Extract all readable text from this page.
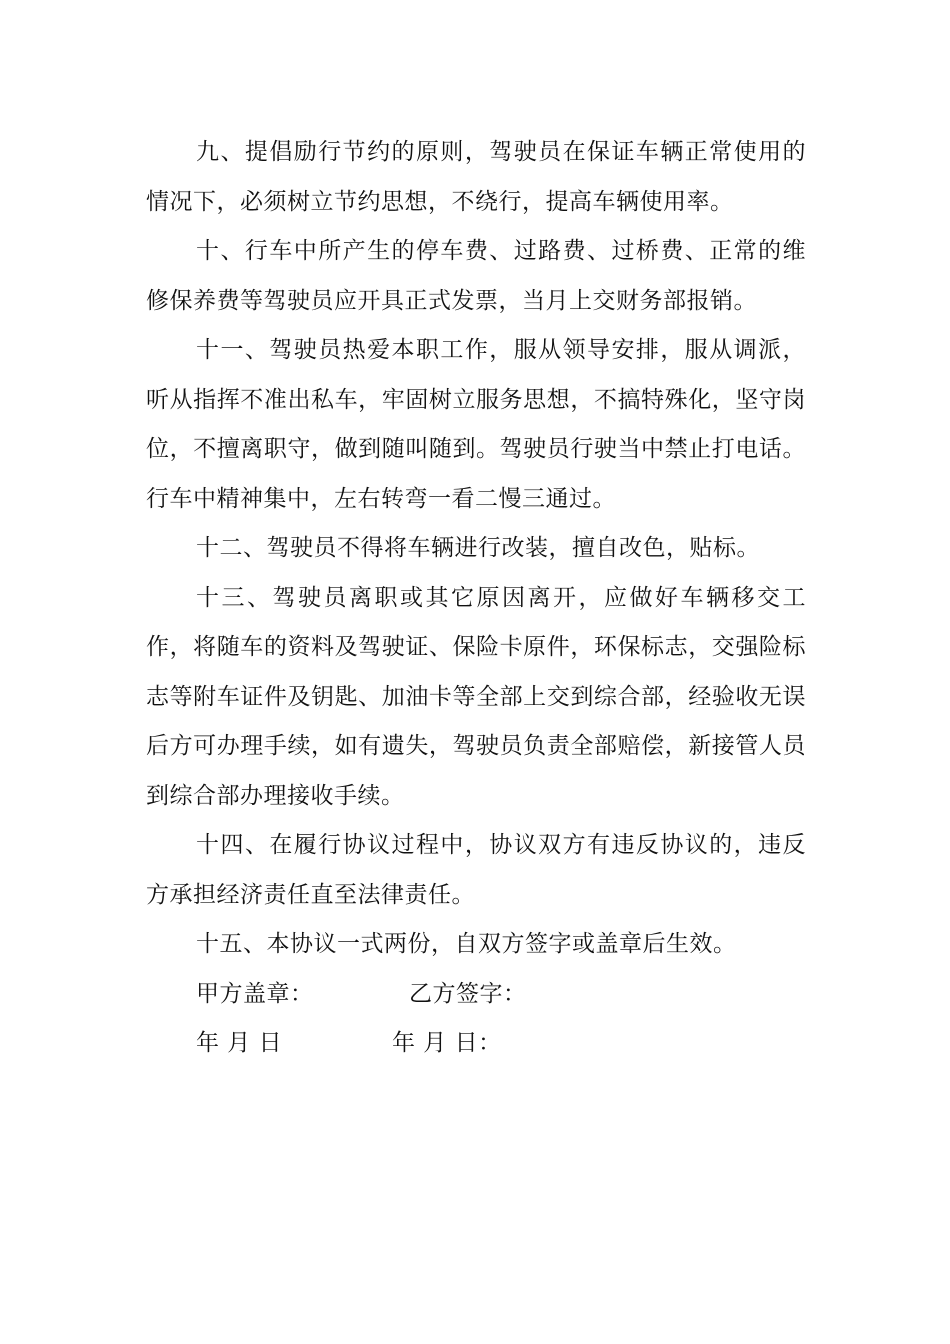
九、提倡励行节约的原则，驾驶员在保证车辆正常使用的情况下，必须树立节约思想，不绕行，提高车辆使用率。

十、行车中所产生的停车费、过路费、过桥费、正常的维修保养费等驾驶员应开具正式发票，当月上交财务部报销。

十一、驾驶员热爱本职工作，服从领导安排，服从调派，听从指挥不准出私车，牢固树立服务思想，不搞特殊化，坚守岗位，不擅离职守，做到随叫随到。驾驶员行驶当中禁止打电话。行车中精神集中，左右转弯一看二慢三通过。

十二、驾驶员不得将车辆进行改装，擅自改色，贴标。

十三、驾驶员离职或其它原因离开，应做好车辆移交工作，将随车的资料及驾驶证、保险卡原件，环保标志，交强险标志等附车证件及钥匙、加油卡等全部上交到综合部，经验收无误后方可办理手续，如有遗失，驾驶员负责全部赔偿，新接管人员到综合部办理接收手续。

十四、在履行协议过程中，协议双方有违反协议的，违反方承担经济责任直至法律责任。

十五、本协议一式两份，自双方签字或盖章后生效。

甲方盖章：	乙方签字：
年 月 日	年 月 日：
